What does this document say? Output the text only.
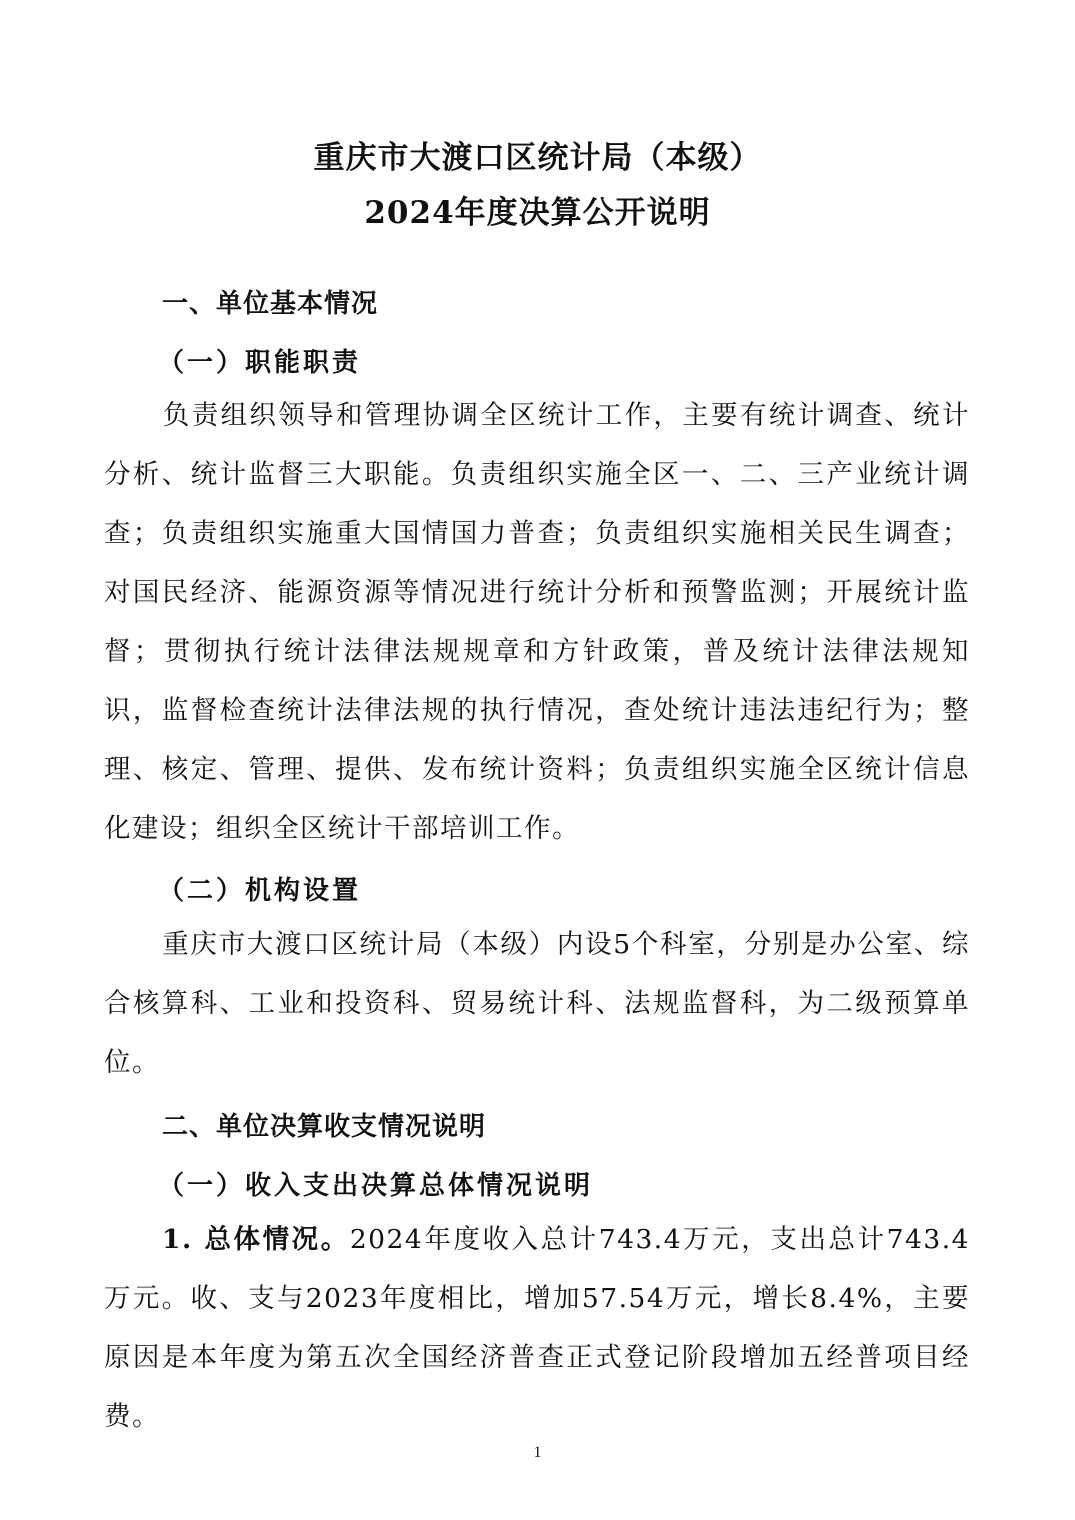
重庆市大渡口区统计局（本级）
2024年度决算公开说明
一、单位基本情况
（一）职能职责

负责组织领导和管理协调全区统计工作，主要有统计调查、统计分析、统计监督三大职能。负责组织实施全区一、二、三产业统计调查；负责组织实施重大国情国力普查；负责组织实施相关民生调查；对国民经济、能源资源等情况进行统计分析和预警监测；开展统计监督；贯彻执行统计法律法规规章和方针政策，普及统计法律法规知识，监督检查统计法律法规的执行情况，查处统计违法违纪行为；整理、核定、管理、提供、发布统计资料；负责组织实施全区统计信息化建设；组织全区统计干部培训工作。

（二）机构设置

重庆市大渡口区统计局（本级）内设5个科室，分别是办公室、综合核算科、工业和投资科、贸易统计科、法规监督科，为二级预算单位。

二、单位决算收支情况说明
（一）收入支出决算总体情况说明

1. 总体情况。2024年度收入总计743.4万元，支出总计743.4万元。收、支与2023年度相比，增加57.54万元，增长8.4%，主要原因是本年度为第五次全国经济普查正式登记阶段增加五经普项目经费。

1
